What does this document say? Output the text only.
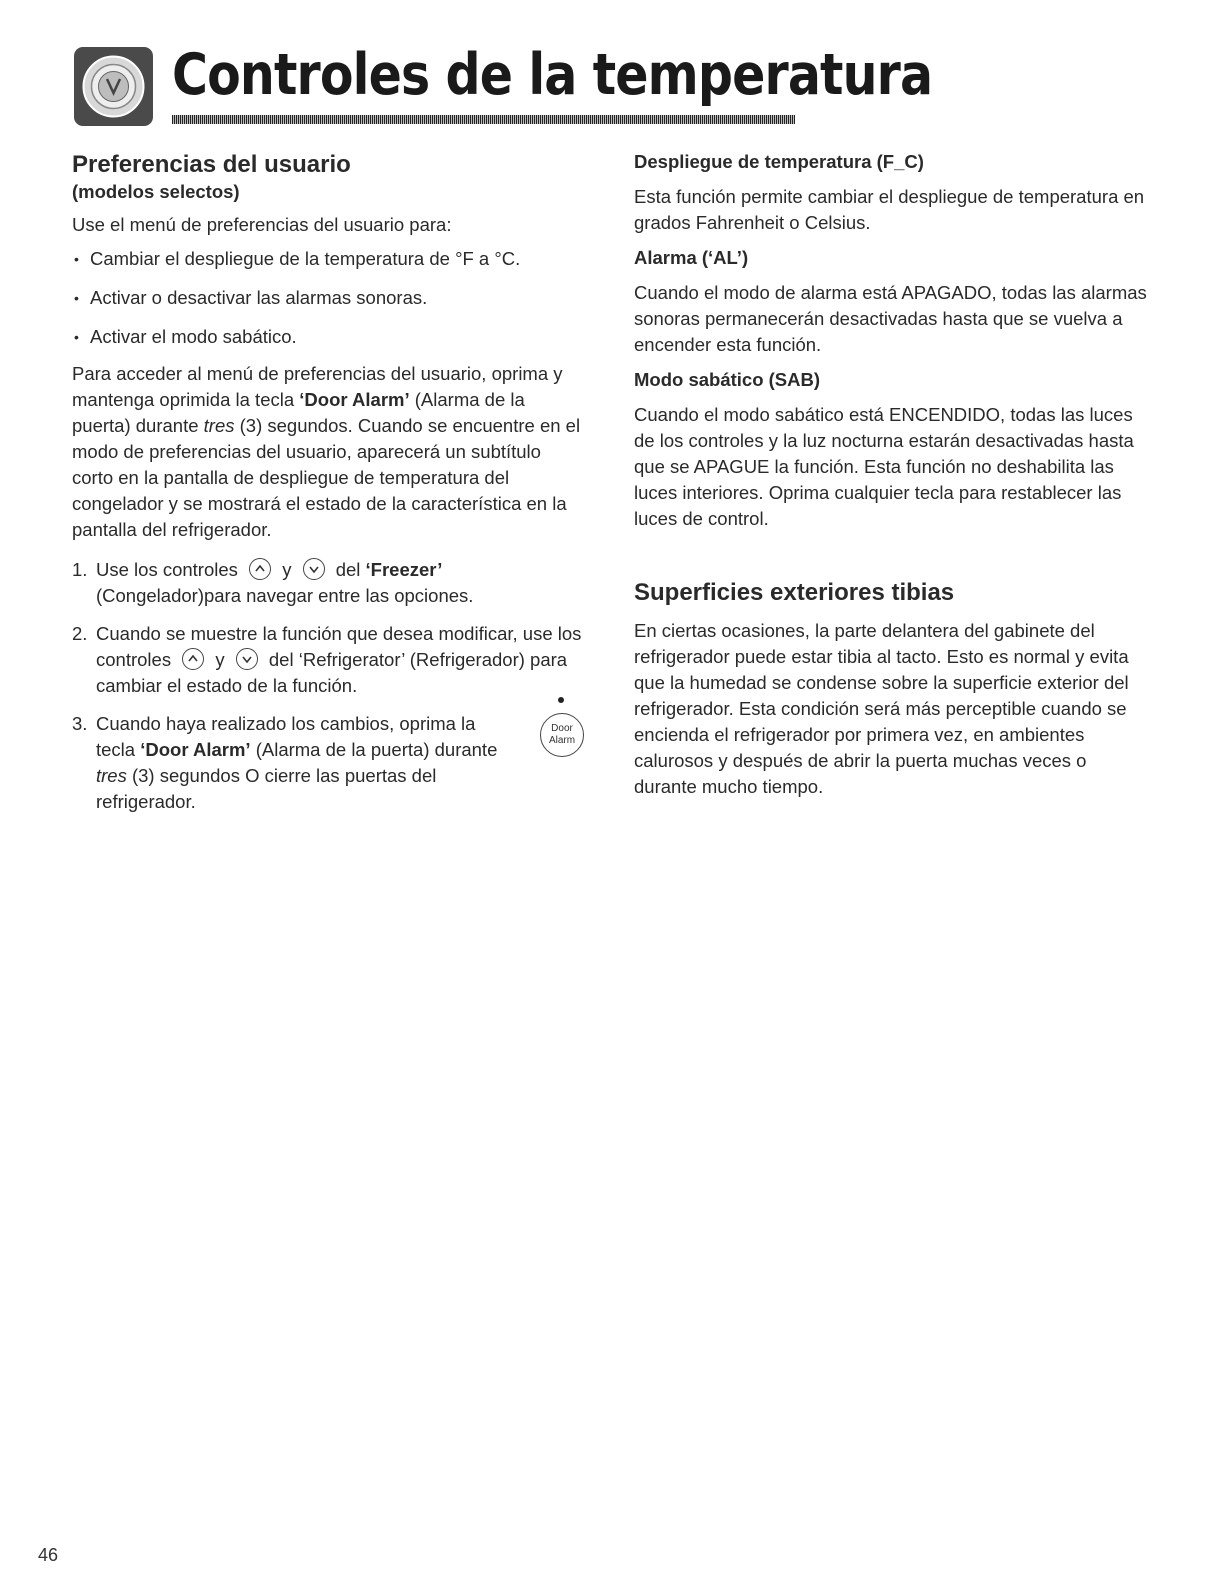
Controles de la temperatura
Preferencias del usuario
(modelos selectos)

Use el menú de preferencias del usuario para:

• Cambiar el despliegue de la temperatura de °F a °C.
• Activar o desactivar las alarmas sonoras.
• Activar el modo sabático.

Para acceder al menú de preferencias del usuario, oprima y mantenga oprimida la tecla ‘Door Alarm’ (Alarma de la puerta) durante tres (3) segundos. Cuando se encuentre en el modo de preferencias del usuario, aparecerá un subtítulo corto en la pantalla de despliegue de temperatura del congelador y se mostrará el estado de la característica en la pantalla del refrigerador.

1. Use los controles y del ‘Freezer’ (Congelador)para navegar entre las opciones.
2. Cuando se muestre la función que desea modificar, use los controles y del ‘Refrigerator’ (Refrigerador) para cambiar el estado de la función.
3. Cuando haya realizado los cambios, oprima la tecla ‘Door Alarm’ (Alarma de la puerta) durante tres (3) segundos O cierre las puertas del refrigerador.
Door
Alarm
Despliegue de temperatura (F_C)

Esta función permite cambiar el despliegue de temperatura en grados Fahrenheit o Celsius.

Alarma (‘AL’)

Cuando el modo de alarma está APAGADO, todas las alarmas sonoras permanecerán desactivadas hasta que se vuelva a encender esta función.

Modo sabático (SAB)

Cuando el modo sabático está ENCENDIDO, todas las luces de los controles y la luz nocturna estarán desactivadas hasta que se APAGUE la función. Esta función no deshabilita las luces interiores. Oprima cualquier tecla para restablecer las luces de control.

Superficies exteriores tibias

En ciertas ocasiones, la parte delantera del gabinete del refrigerador puede estar tibia al tacto. Esto es normal y evita que la humedad se condense sobre la superficie exterior del refrigerador. Esta condición será más perceptible cuando se encienda el refrigerador por primera vez, en ambientes calurosos y después de abrir la puerta muchas veces o durante mucho tiempo.

46
